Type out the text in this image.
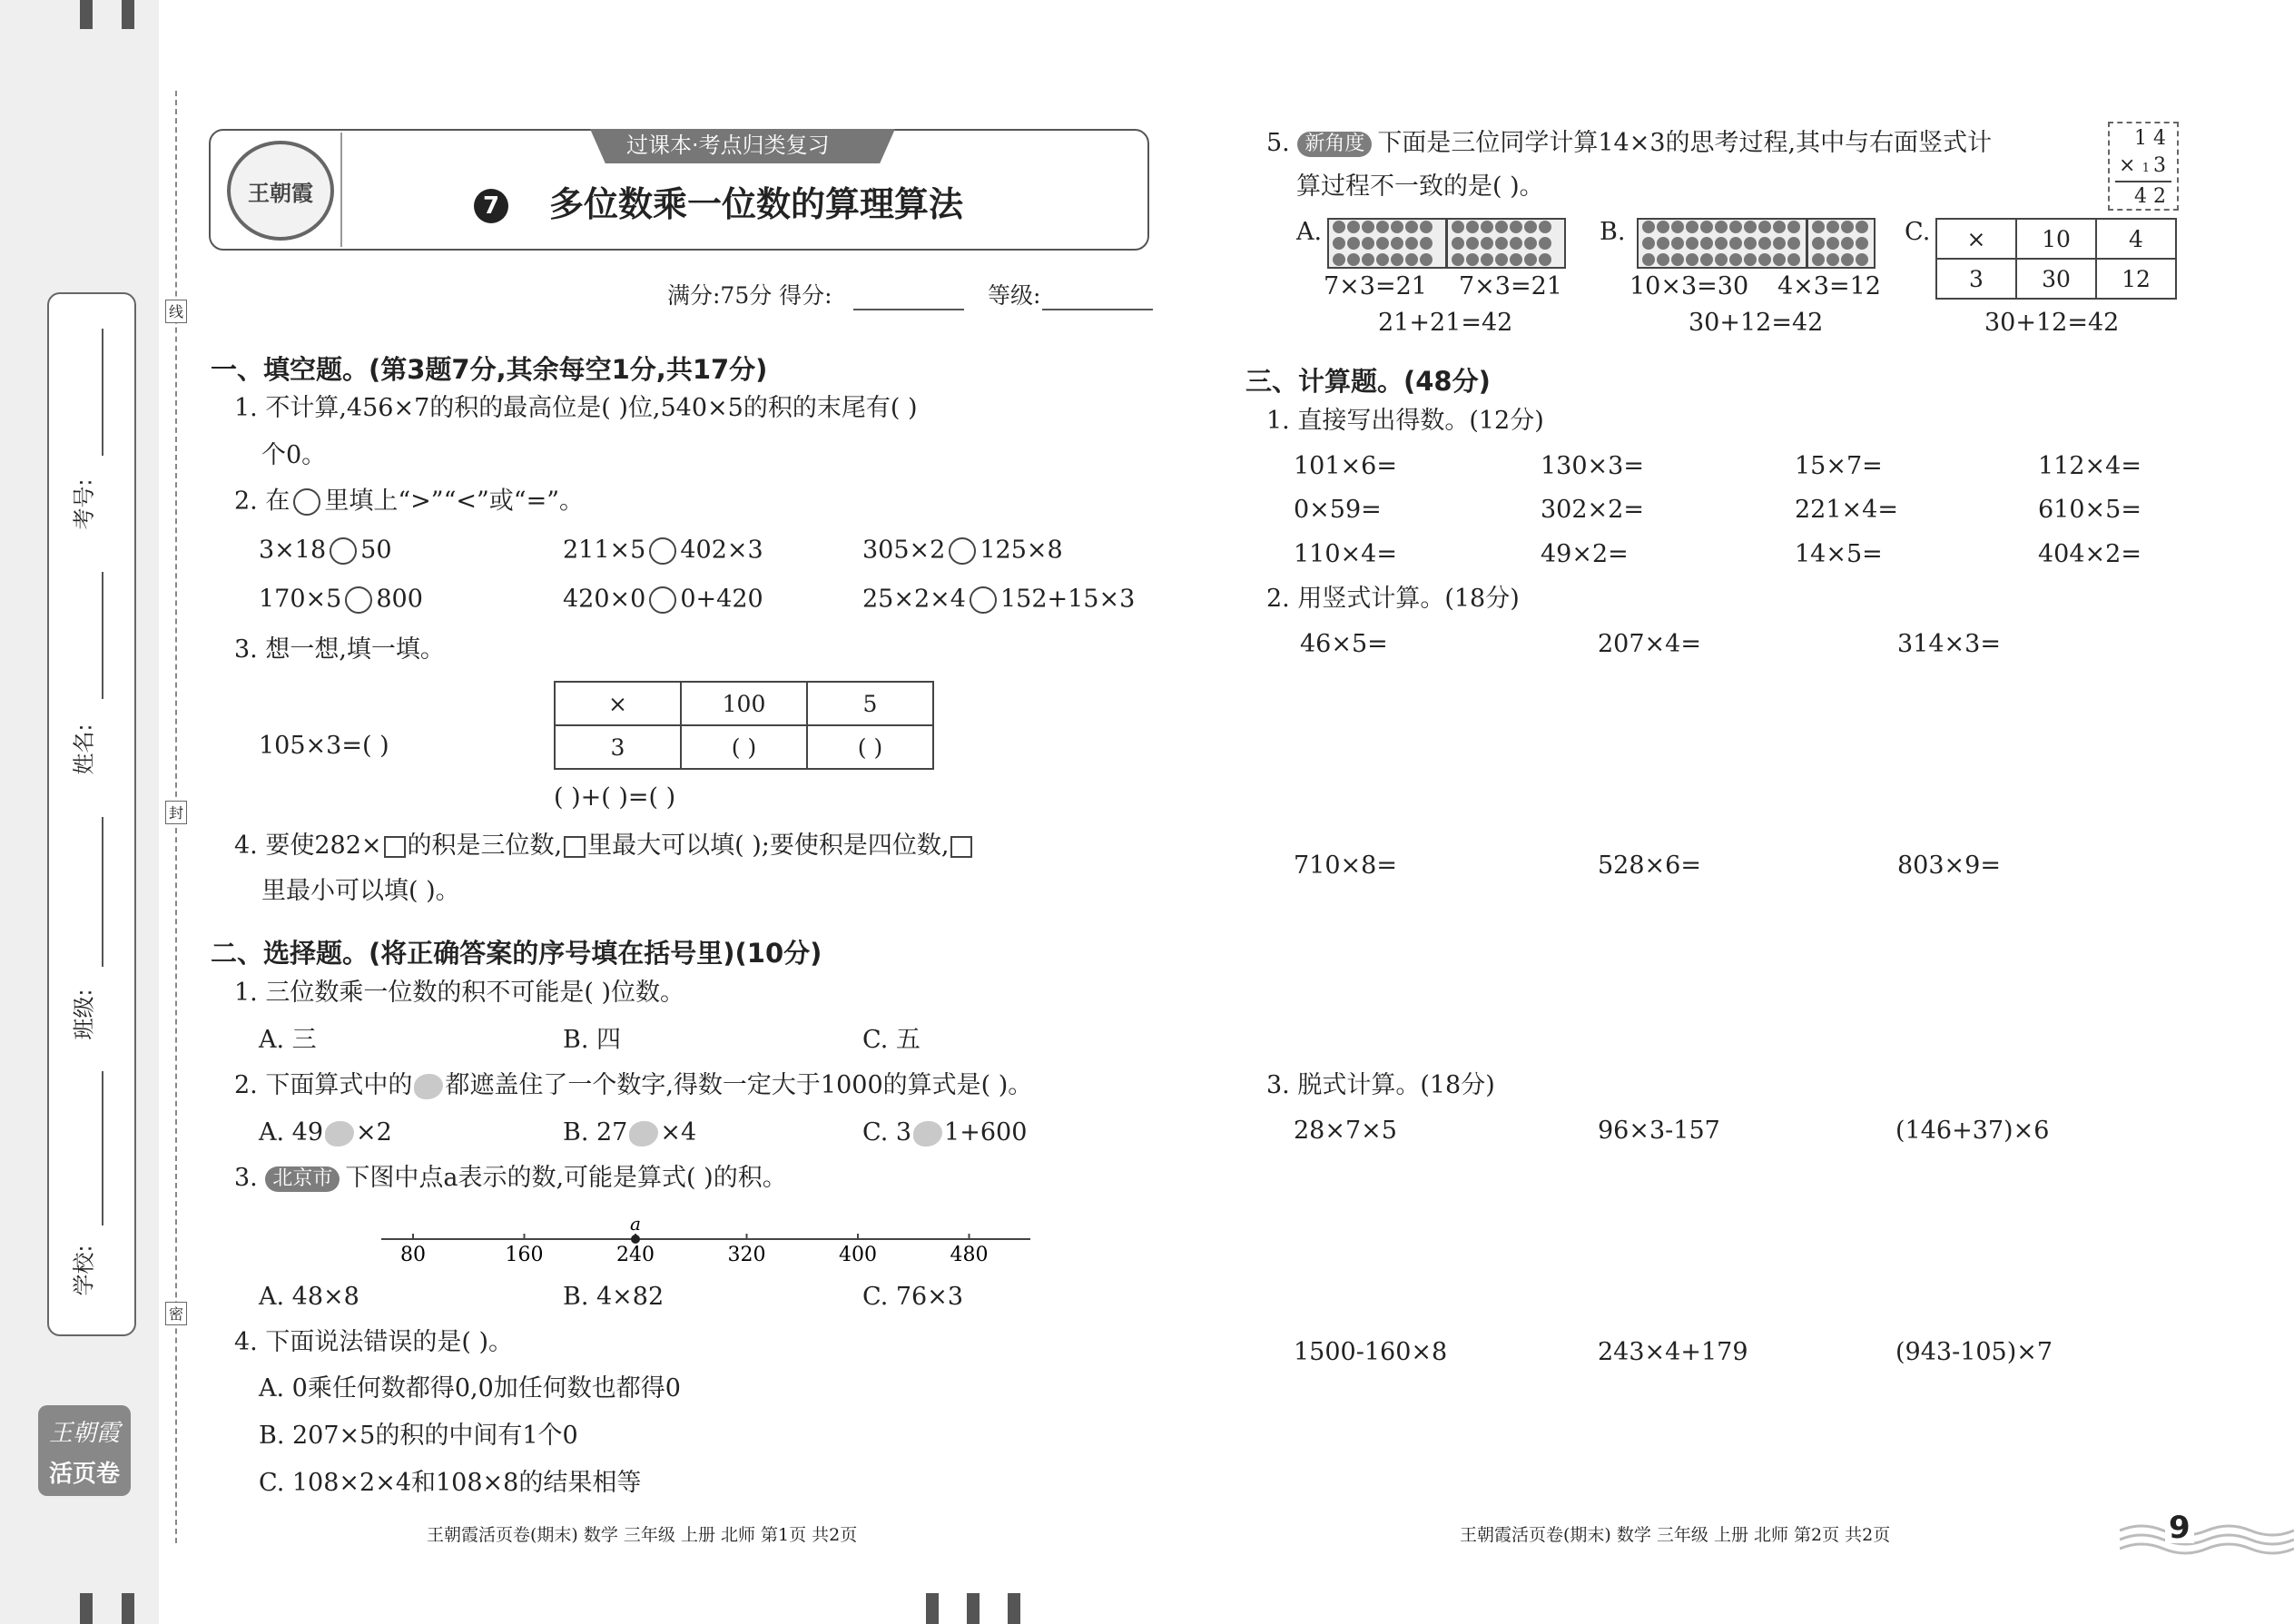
考号:
姓名:
班级:
学校:
线
封
密
王朝霞
活页卷
过课本·考点归类复习
王朝霞	7 多位数乘一位数的算理算法
满分:75分 得分:	等级:
一、填空题。(第3题7分,其余每空1分,共17分)
1. 不计算,456×7的积的最高位是( )位,540×5的积的末尾有( )
个0。
2. 在 里填上“>”“<”或“=”。
3×18 50	211×5 402×3	305×2 125×8
170×5 800	420×0 0+420	25×2×4 152+15×3
3. 想一想,填一填。
105×3=( )
×	100	5
3	( )	( )
( )+( )=( )
4. 要使282× 的积是三位数, 里最大可以填( );要使积是四位数,
里最小可以填( )。
二、选择题。(将正确答案的序号填在括号里)(10分)
1. 三位数乘一位数的积不可能是( )位数。
A. 三	B. 四	C. 五
2. 下面算式中的 都遮盖住了一个数字,得数一定大于1000的算式是( )。
A. 49 ×2	B. 27 ×4	C. 3 1+600
3. 北京市 下图中点a表示的数,可能是算式( )的积。
80	160	240	320	400	480
a
A. 48×8	B. 4×82	C. 76×3
4. 下面说法错误的是( )。
A. 0乘任何数都得0,0加任何数也都得0
B. 207×5的积的中间有1个0
C. 108×2×4和108×8的结果相等
王朝霞活页卷(期末) 数学 三年级 上册 北师 第1页 共2页
5. 新角度 下面是三位同学计算14×3的思考过程,其中与右面竖式计
算过程不一致的是( )。
1 4
× 1 3
4 2
A.
7×3=21 7×3=21
21+21=42
B.
10×3=30 4×3=12
30+12=42
C. ×	10	4
3	30	12
30+12=42
三、计算题。(48分)
1. 直接写出得数。(12分)
101×6=	130×3=	15×7=	112×4=
0×59=	302×2=	221×4=	610×5=
110×4=	49×2=	14×5=	404×2=
2. 用竖式计算。(18分)
46×5=	207×4=	314×3=
710×8=	528×6=	803×9=
3. 脱式计算。(18分)
28×7×5	96×3-157	(146+37)×6
1500-160×8	243×4+179	(943-105)×7
王朝霞活页卷(期末) 数学 三年级 上册 北师 第2页 共2页	9
